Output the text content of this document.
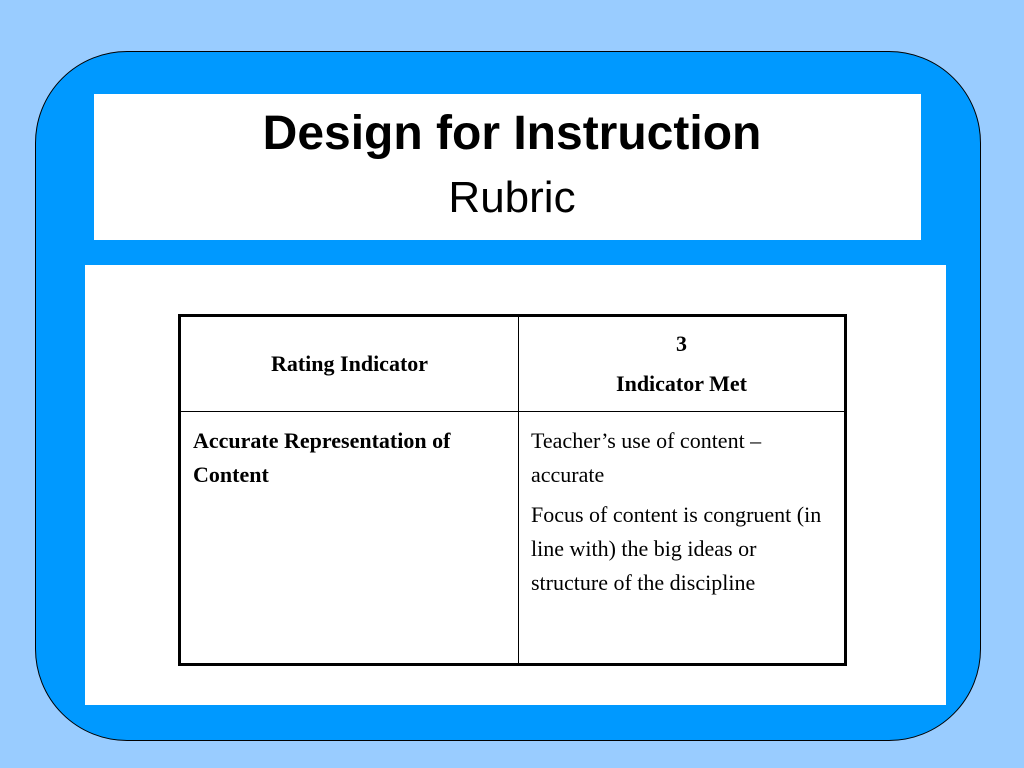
Design for Instruction
Rubric
Rating Indicator	3
Indicator Met

Accurate Representation of Content	Teacher’s use of content – accurate

Focus of content is congruent (in line with) the big ideas or structure of the discipline
